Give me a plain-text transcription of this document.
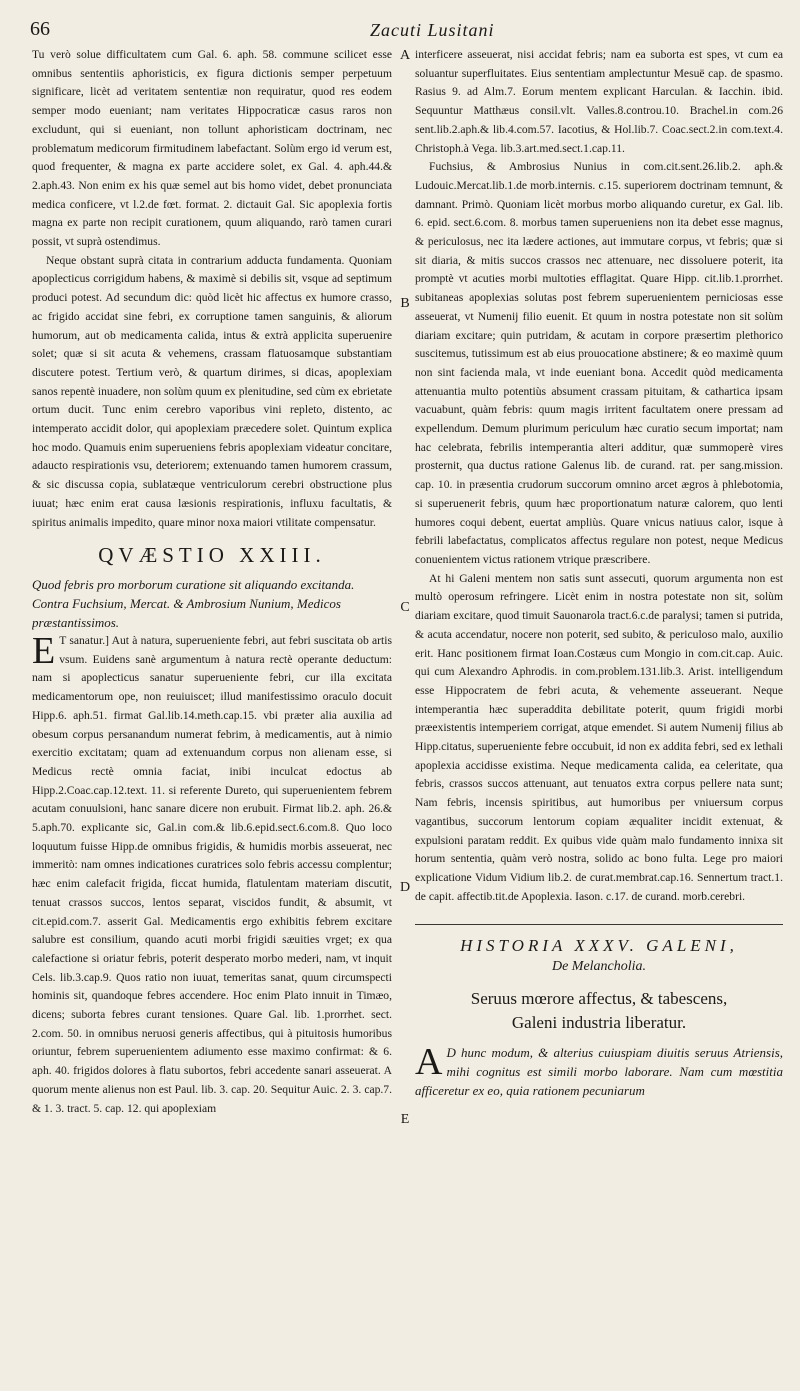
66	Zacuti Lusitani
A
B
C
D
E

Tu verò solue difficultatem cum Gal. 6. aph. 58. commune scilicet esse omnibus sententiis aphoristicis, ex figura dictionis semper perpetuum significare, licèt ad veritatem sententiæ non requiratur, quod res eodem semper modo eueniant; nam veritates Hippocraticæ casus raros non excludunt, qui si eueniant, non tollunt aphoristicam doctrinam, nec problematum medicorum firmitudinem labefactant. Solùm ergo id verum est, quod frequenter, & magna ex parte accidere solet, ex Gal. 4. aph.44.& 2.aph.43. Non enim ex his quæ semel aut bis homo videt, debet pronunciata medica conficere, vt l.2.de fœt. format. 2. dictauit Gal. Sic apoplexia fortis magna ex parte non recipit curationem, quum aliquando, rarò tamen curari possit, vt suprà ostendimus.

Neque obstant suprà citata in contrarium adducta fundamenta. Quoniam apoplecticus corrigidum habens, & maximè si debilis sit, vsque ad septimum produci potest. Ad secundum dic: quòd licèt hic affectus ex humore crasso, ac frigido accidat sine febri, ex corruptione tamen sanguinis, & aliorum humorum, aut ob medicamenta calida, intus & extrà applicita superuenire solet; quæ si sit acuta & vehemens, crassam flatuosamque substantiam discutere potest. Tertium verò, & quartum dirimes, si dicas, apoplexiam sanos repentè inuadere, non solùm quum ex plenitudine, sed cùm ex ebrietate ortum ducit. Tunc enim cerebro vaporibus vini repleto, distento, ac intemperato accidit dolor, qui apoplexiam præcedere solet. Quintum explica hoc modo. Quamuis enim superueniens febris apoplexiam videatur concitare, adaucto respirationis vsu, deteriorem; extenuando tamen humorem crassum, & sic discussa copia, sublatæque ventriculorum cerebri obstructione plus iuuat; hæc enim erat causa læsionis respirationis, influxu facultatis, & spiritus animalis impedito, quare minor noxa maiori vtilitate compensatur.

QVÆSTIO XXIII.

Quod febris pro morborum curatione sit aliquando excitanda. Contra Fuchsium, Mercat. & Ambrosium Nunium, Medicos præstantissimos.

E T sanatur.] Aut à natura, superueniente febri, aut febri suscitata ob artis vsum. Euidens sanè argumentum à natura rectè operante deductum: nam si apoplecticus sanatur superueniente febri, cur illa excitata medicamentorum ope, non reuiuiscet; illud manifestissimo oraculo docuit Hipp.6. aph.51. firmat Gal.lib.14.meth.cap.15. vbi præter alia auxilia ad obesum corpus persanandum numerat febrim, à medicamentis, aut à nimio exercitio excitatam; quam ad extenuandum corpus non alienam esse, si Medicus rectè omnia faciat, inibi inculcat edoctus ab Hipp.2.Coac.cap.12.text. 11. si referente Dureto, qui superuenientem febrem acutam conuulsioni, hanc sanare dicere non erubuit. Firmat lib.2. aph. 26.& 5.aph.70. explicante sic, Gal.in com.& lib.6.epid.sect.6.com.8. Quo loco loquutum fuisse Hipp.de omnibus frigidis, & humidis morbis asseuerat, nec immeritò: nam omnes indicationes curatrices solo febris accessu complentur; hæc enim calefacit frigida, ficcat humida, flatulentam materiam discutit, tenuat crassos succos, lentos separat, viscidos fundit, & absumit, vt cit.epid.com.7. asserit Gal. Medicamentis ergo exhibitis febrem excitare salubre est consilium, quando acuti morbi frigidi sæuities vrget; ex qua calefactione si oriatur febris, poterit desperato morbo mederi, nam, vt inquit Cels. lib.3.cap.9. Quos ratio non iuuat, temeritas sanat, quum circumspecti hominis sit, quandoque febres accendere. Hoc enim Plato innuit in Timæo, dicens; suborta febres curant tensiones. Quare Gal. lib. 1.prorrhet. sect. 2.com. 50. in omnibus neruosi generis affectibus, qui à pituitosis humoribus oriuntur, febrem superuenientem adiumento esse maximo confirmat: & 6. aph. 40. frigidos dolores à flatu subortos, febri accedente sanari asseuerat. A quorum mente alienus non est Paul. lib. 3. cap. 20. Sequitur Auic. 2. 3. cap.7. & 1. 3. tract. 5. cap. 12. qui apoplexiam

interficere asseuerat, nisi accidat febris; nam ea suborta est spes, vt cum ea soluantur superfluitates. Eius sententiam amplectuntur Mesuë cap. de spasmo. Rasius 9. ad Alm.7. Eorum mentem explicant Harculan. & Iacchin. ibid. Sequuntur Matthæus consil.vlt. Valles.8.controu.10. Brachel.in com.26 sent.lib.2.aph.& lib.4.com.57. Iacotius, & Hol.lib.7. Coac.sect.2.in com.text.4. Christoph.à Vega. lib.3.art.med.sect.1.cap.11.

Fuchsius, & Ambrosius Nunius in com.cit.sent.26.lib.2. aph.& Ludouic.Mercat.lib.1.de morb.internis. c.15. superiorem doctrinam temnunt, & damnant. Primò. Quoniam licèt morbus morbo aliquando curetur, ex Gal. lib. 6. epid. sect.6.com. 8. morbus tamen superueniens non ita debet esse magnus, & periculosus, nec ita lædere actiones, aut immutare corpus, vt febris; quæ si sit diaria, & mitis succos crassos nec attenuare, nec dissoluere poterit, ita promptè vt acuties morbi multoties efflagitat. Quare Hipp. cit.lib.1.prorrhet. subitaneas apoplexias solutas post febrem superuenientem perniciosas esse asseuerat, vt Numenij filio euenit. Et quum in nostra potestate non sit solùm diariam excitare; quin putridam, & acutam in corpore præsertim plethorico suscitemus, tutissimum est ab eius prouocatione abstinere; & eo maximè quum non sint facienda mala, vt inde eueniant bona. Accedit quòd medicamenta attenuantia multo potentiùs absument crassam pituitam, & cathartica ipsam vacuabunt, quàm febris: quum magis irritent facultatem onere pressam ad expellendum. Demum plurimum periculum hæc curatio secum importat; nam hac celebrata, febrilis intemperantia alteri additur, quæ summoperè vires prosternit, qua ductus ratione Galenus lib. de curand. rat. per sang.mission. cap. 10. in præsentia crudorum succorum omnino arcet ægros à phlebotomia, si superuenerit febris, quum hæc proportionatum naturæ calorem, quo lenti humores coqui debent, euertat ampliùs. Quare vnicus natiuus calor, isque à febrili labefactatus, complicatos affectus regulare non potest, neque Medicus conuenientem victus rationem vtrique præscribere.

At hi Galeni mentem non satis sunt assecuti, quorum argumenta non est multò operosum refringere. Licèt enim in nostra potestate non sit, solùm diariam excitare, quod timuit Sauonarola tract.6.c.de paralysi; tamen si putrida, & acuta accendatur, nocere non poterit, sed subito, & periculoso malo, auxilio erit. Hanc positionem firmat Ioan.Costæus cum Mongio in com.cit.cap. Auic. qui cum Alexandro Aphrodis. in com.problem.131.lib.3. Arist. intelligendum esse Hippocratem de febri acuta, & vehemente asseuerant. Neque intemperantia hæc superaddita debilitate poterit, quum frigidi morbi præexistentis intemperiem corrigat, atque emendet. Si autem Numenij filius ab Hipp.citatus, superueniente febre occubuit, id non ex addita febri, sed ex lethali apoplexia accidisse existima. Neque medicamenta calida, ea celeritate, qua febris, crassos succos attenuant, aut tenuatos extra corpus pellere nata sunt; Nam febris, incensis spiritibus, aut humoribus per vniuersum corpus vagantibus, succorum lentorum copiam æqualiter incidit extenuat, & expulsioni paratam reddit. Ex quibus vide quàm malo fundamento innixa sit horum sententia, quàm verò nostra, solido ac bono fulta. Lege pro maiori explicatione Vidum Vidium lib.2. de curat.membrat.cap.16. Sennertum tract.1. de capit. affectib.tit.de Apoplexia. Iason. c.17. de curand. morb.cerebri.

HISTORIA XXXV. GALENI,
De Melancholia.
Seruus mœrore affectus, & tabescens,
Galeni industria liberatur.

A D hunc modum, & alterius cuiuspiam diuitis seruus Atriensis, mihi cognitus est simili morbo laborare. Nam cum mœstitia afficeretur ex eo, quia rationem pecuniarum
